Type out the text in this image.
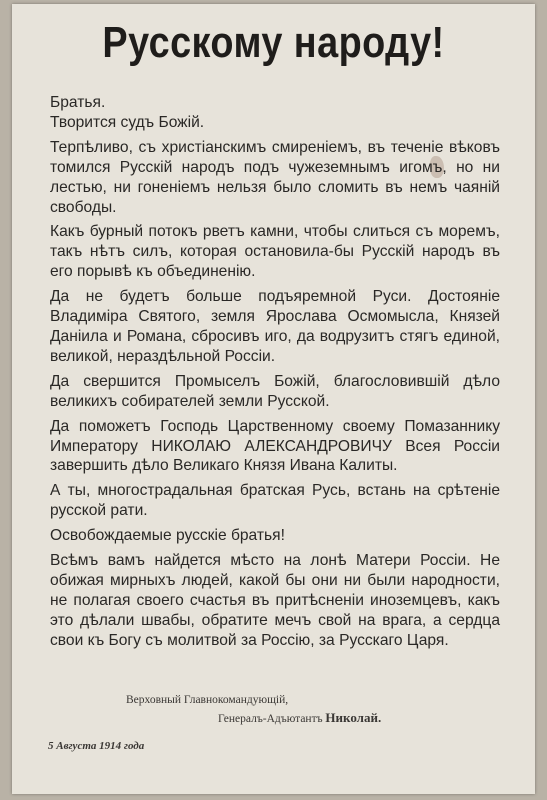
Русскому народу!

Братья.

Творится судъ Божій.

Терпѣливо, съ христіанскимъ смиренiемъ, въ теченiе вѣковъ томился Русскій народъ подъ чужеземнымъ игомъ, но ни лестью, ни гоненiемъ нельзя было сломить въ немъ чаяній свободы.

Какъ бурный потокъ рветъ камни, чтобы слиться съ моремъ, такъ нѣтъ силъ, которая остановила-бы Русскій народъ въ его порывѣ къ объединенію.

Да не будетъ больше подъяремной Руси. Достоянiе Владиміра Святого, земля Ярослава Осмомысла, Князей Даніила и Романа, сбросивъ иго, да водрузитъ стягъ единой, великой, нераздѣльной Россіи.

Да свершится Промыселъ Божій, благословившій дѣло великихъ собирателей земли Русской.

Да поможетъ Господь Царственному своему Помазаннику Императору НИКОЛАЮ АЛЕКСАНДРОВИЧУ Всея Россіи завершить дѣло Великаго Князя Ивана Калиты.

А ты, многострадальная братская Русь, встань на срѣтенiе русской рати.

Освобождаемые русскіе братья!

Всѣмъ вамъ найдется мѣсто на лонѣ Матери Россіи. Не обижая мирныхъ людей, какой бы они ни были народности, не полагая своего счастья въ притѣсненіи иноземцевъ, какъ это дѣлали швабы, обратите мечъ свой на врага, а сердца свои къ Богу съ молитвой за Россію, за Русскаго Царя.

Верховный Главнокомандующій,
Генералъ-Адъютантъ Николай.
5 Августа 1914 года
